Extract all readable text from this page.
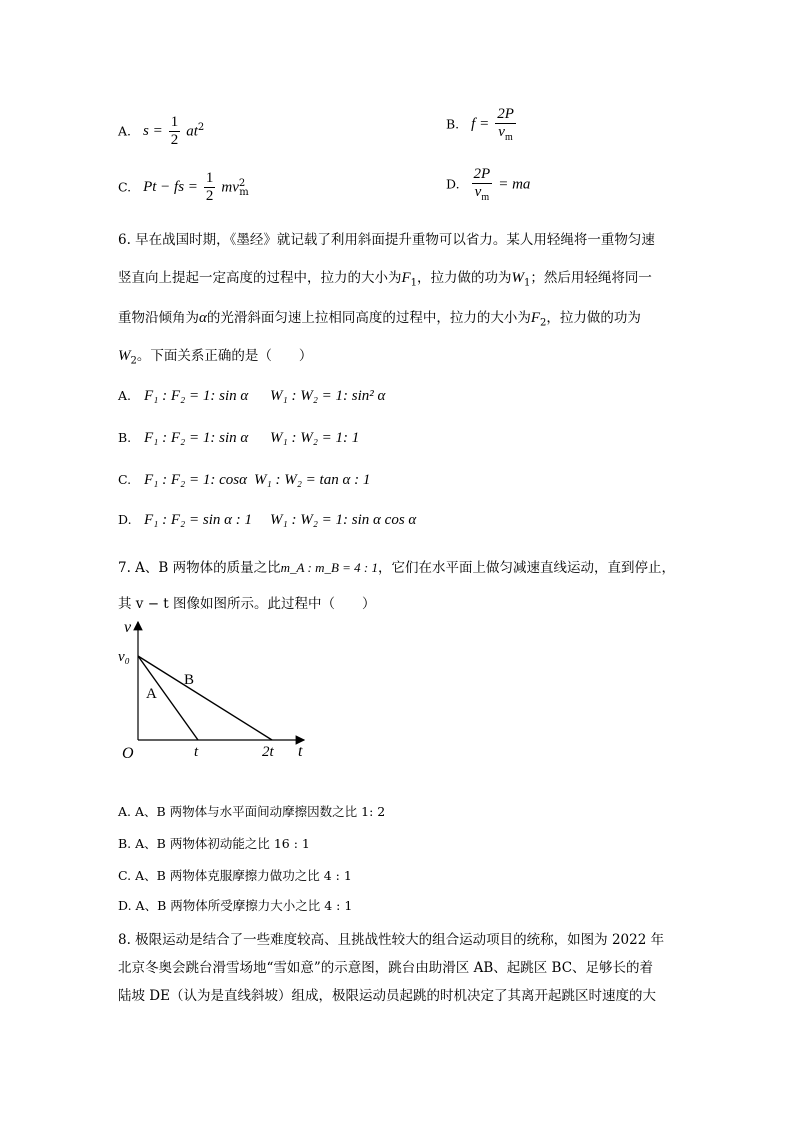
A. $s = \frac{1}{2} at^2$	B. $f = \frac{2P}{v_m}$
C. Pt − fs = $\frac{1}{2} mv^2_m$
D. $\frac{2P}{v_m}$ = ma
6. 早在战国时期，《墨经》就记载了利用斜面提升重物可以省力。某人用轻绳将一重物匀速
竖直向上提起一定高度的过程中，拉力的大小为$F_1$，拉力做的功为$W_1$；然后用轻绳将同一
重物沿倾角为α的光滑斜面匀速上拉相同高度的过程中，拉力的大小为$F_2$，拉力做的功为
$W_2$。下面关系正确的是（　　）
A. F₁ : F₂ = 1: sin α W₁ : W₂ = 1: sin² α
B. F₁ : F₂ = 1: sin α W₁ : W₂ = 1: 1
C. F₁ : F₂ = 1: cosα W₁ : W₂ = tan α : 1
D. F₁ : F₂ = sin α : 1 W₁ : W₂ = 1: sin α cos α
7. A、B 两物体的质量之比m_A : m_B = 4 : 1，它们在水平面上做匀减速直线运动，直到停止，
其 v − t 图像如图所示。此过程中（　　）
v
t
O
v₀
A
B
t	2t
A. A、B 两物体与水平面间动摩擦因数之比 1: 2
B. A、B 两物体初动能之比 16 : 1
C. A、B 两物体克服摩擦力做功之比 4 : 1
D. A、B 两物体所受摩擦力大小之比 4 : 1
8. 极限运动是结合了一些难度较高、且挑战性较大的组合运动项目的统称，如图为 2022 年
北京冬奥会跳台滑雪场地“雪如意”的示意图，跳台由助滑区 AB、起跳区 BC、足够长的着
陆坡 DE（认为是直线斜坡）组成，极限运动员起跳的时机决定了其离开起跳区时速度的大
